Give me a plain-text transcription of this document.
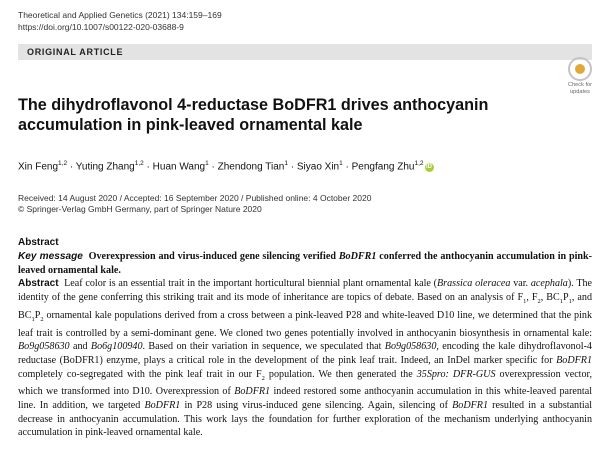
Theoretical and Applied Genetics (2021) 134:159–169
https://doi.org/10.1007/s00122-020-03688-9
ORIGINAL ARTICLE
Check for
updates
The dihydroflavonol 4-reductase BoDFR1 drives anthocyanin
accumulation in pink-leaved ornamental kale
Xin Feng$^{1,2}$ · Yuting Zhang$^{1,2}$ · Huan Wang$^1$ · Zhendong Tian$^1$ · Siyao Xin$^1$ · Pengfang Zhu$^{1,2}$iD
Received: 14 August 2020 / Accepted: 16 September 2020 / Published online: 4 October 2020
© Springer-Verlag GmbH Germany, part of Springer Nature 2020
Abstract

Key message Overexpression and virus-induced gene silencing verified BoDFR1 conferred the anthocyanin accumulation in pink-leaved ornamental kale.

Abstract Leaf color is an essential trait in the important horticultural biennial plant ornamental kale (Brassica oleracea var. acephala). The identity of the gene conferring this striking trait and its mode of inheritance are topics of debate. Based on an analysis of $F_1$, $F_2$, $BC_1P_1$, and $BC_1P_2$ ornamental kale populations derived from a cross between a pink-leaved P28 and white-leaved D10 line, we determined that the pink leaf trait is controlled by a semi-dominant gene. We cloned two genes potentially involved in anthocyanin biosynthesis in ornamental kale: Bo9g058630 and Bo6g100940. Based on their variation in sequence, we speculated that Bo9g058630, encoding the kale dihydroflavonol-4 reductase (BoDFR1) enzyme, plays a critical role in the development of the pink leaf trait. Indeed, an InDel marker specific for BoDFR1 completely co-segregated with the pink leaf trait in our $F_2$ population. We then generated the 35Spro: DFR-GUS overexpression vector, which we transformed into D10. Overexpression of BoDFR1 indeed restored some anthocyanin accumulation in this white-leaved parental line. In addition, we targeted BoDFR1 in P28 using virus-induced gene silencing. Again, silencing of BoDFR1 resulted in a substantial decrease in anthocyanin accumulation. This work lays the foundation for further exploration of the mechanism underlying anthocyanin accumulation in pink-leaved ornamental kale.
